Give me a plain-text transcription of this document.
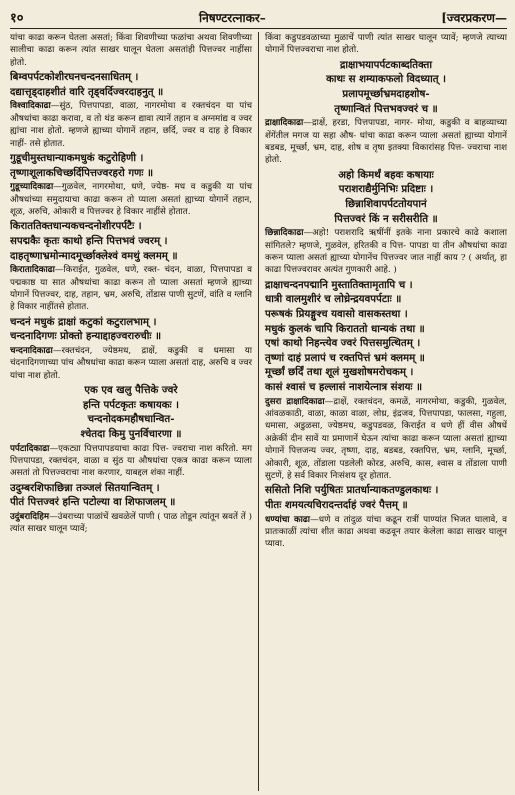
१०	निषण्टरत्नाकर–	[ज्वरप्रकरण—
यांचा काढा करून घेतला असतां; किंवा शिवणीच्या फळांचा अथवा शिवणीच्या सालीचा काढा करून त्यांत साखर घालून घेतला असतांही पित्तज्वर नाहींसा होतो.
बिम्वपर्पटकोशीरघनचन्दनसाधितम् ।
दद्यात्तृड्दाहशीतं वारि तृड्वर्दिज्वरदाहनुत् ॥
विश्वादिकाढा—सुंठ, पित्तपापडा, वाळा, नागरमोथा व रक्तचंदन या पांच औषधांचा काढा करावा, व तो थंड करून द्यावा त्यानें तहान व अग्नमांद्य व ज्वर ह्यांचा नाश होतो. म्हणजे ह्याच्या योगानें तहान, छर्दि, ज्वर व दाह हे विकार नाहीं- तसे होतात.
गुडूचीमुस्तधान्याकमधुकं कटुरोहिणी ।
तृष्णाशूलाकचिच्छर्दिपित्तज्वरहरो गणः ॥
गुडूच्यादिकाढा—गुळवेल, नागरमोथा, धणे, ज्येष्ठ- मध व कडुकी या पांच औषधांच्या समुदायाचा काढा करून तो प्याला असतां ह्याच्या योगानें तहान, शूळ, अरुचि, ओकारी व पित्तज्वर हे विकार नाहींसे होतात.
किराततिक्तधान्यकचन्दनोशीरपर्पटैः ।
सपद्मकैः कृतः काथो हन्ति पित्तभवं ज्वरम् ।
दाहतृष्णाभ्रमोन्मादमूर्च्छाक्लेश्वं वमथुं क्लमम् ॥
किरातादिकाढा—किराईत, गुळवेल, धणे, रक्त- चंदन, वाळा, पित्तपापडा व पद्मकाष्ठ या सात औषधांचा काढा करून तो प्याला असतां म्हणजे ह्याच्या योगानें पित्तज्वर, दाह, तहान, भ्रम, अरुचि, तोंडास पाणी सुटणें, वांति व ग्लानि हे विकार नाहींतसे होतात.
चन्दनं मधुकं द्राक्षां कटुकां कटुरालभाम् ।
चन्दनादिगणः प्रोक्तो हन्याद्दाहज्वरारुचीः ॥
चन्दनादिकाढा—रक्तचंदन, ज्येष्ठमध, द्राक्षें, कडुकी व धमासा या चंदनादिगणाच्या पांच औषधांचा काढा करून प्याला असतां दाह, अरुचि व ज्वर यांचा नाश होतो.
एक एव खलु पैत्तिके ज्वरे
हन्ति पर्पटकृतः कषायकः ।
चन्दनोदकमहौषधान्वित-
श्चेतदा किमु पुनर्विचारणा ॥
पर्पटादिकाढा—एकट्या पित्तपापडयाचा काढा पित्त- ज्वराचा नाश करितो. मग पित्तपापडा, रक्तचंदन, वाळा व सुंठ या औषधांचा एकत्र काढा करून प्याला असतां तो पित्तज्वराचा नाश करणार, याबद्दल शंका नाहीं.
उदुम्बरशिफाछिन्ना तञ्जलं सितयान्वितम् ।
पीतं पित्तज्वरं हन्ति पटोल्या वा शिफाजलम् ॥
उदुंबरादिहिम—उंबराच्या पाळांचें खवळेलें पाणी ( पाळ तोडून त्यांतून स्रवतें तें ) त्यांत साखर घालून प्यावें;
किंवा कडुपडवळाच्या मुळाचें पाणी त्यांत साखर घालून प्यावें; म्हणजे त्याच्या योगानें पित्तज्वराचा नाश होतो.
द्राक्षाभयापर्पटकाब्दतिक्ता
काथः स शम्याकफलो विदध्यात् ।
प्रलापमूर्च्छाभ्रमदाहशोष-
तृष्णान्वितं पित्तभवज्वरं च ॥
द्राक्षादिकाढा—द्राक्षें, हरडा, पित्तपापडा, नागर- मोथा, कडुकी व बाहव्याच्या शेंगेंतील मगज या सहा औष- धांचा काढा करून प्याला असतां ह्याच्या योगानें बडबड, मूर्च्छा, भ्रम, दाह, शोष व तृषा इतक्या विकारांसह पित्त- ज्वराचा नाश होतो.
अहो किमर्थं बहवः कषायाः
पराशराद्यैर्मुनिभिः प्रदिष्टाः ।
छिन्नाशिवापर्पटतोयपानं
पित्तज्वरं किं न सरीसरीति ॥
छिन्नादिकाढा—अहो! पराशरादि ऋषींनीं इतके नाना प्रकारचे काढे कशाला सांगितले? म्हणजे, गुळवेल, हरितकी व पित्त- पापडा या तीन औषधांचा काढा करून प्याला असतां ह्याच्या योगानेंच पित्तज्वर जात नाहीं काय ? ( अर्थात्, हा काढा पित्तज्वरावर अत्यंत गुणकारी आहे. )
द्राक्षाचन्दनपद्मानि मुस्तातिक्तामृतापि च ।
धात्री वालमुशीरं च लोध्रेन्द्रयवपर्पटाः ॥
परूषकं प्रियङ्गुश्च यवासो वासकस्तथा ।
मधुकं कुलकं चापि किराततो धान्यकं तथा ॥
एषां काथो निहन्त्येव ज्वरं पित्तसमुत्थितम् ।
तृष्णां दाहं प्रलापं च रक्तपित्तं भ्रमं क्लमम् ॥
मूर्च्छां छर्दिं तथा शूलं मुखशोषमरोचकम् ।
कासं श्वासं च हल्लासं नाशयेत्नात्र संशयः ॥
दुसरा द्राक्षादिकाढा—द्राक्षें, रक्तचंदन, कमळें, नागरमोथा, कडुकी, गुळवेल, आंवळकाठी, वाळा, काळा वाळा, लोध्र, इंद्रजव, पित्तपापडा, फालसा, गहुला, धमासा, अडुळसा, ज्येष्ठमध, कडुपडवळ, किराईत व धणे हीं वीस औषधें अक्रेकीं दीन सावें या प्रमाणानें घेऊन त्यांचा काढा करून प्याला असतां ह्याच्या योगानें पित्तजन्य ज्वर, तृष्णा, दाह, बडबड, रक्तपित्त, भ्रम, ग्लानि, मूर्च्छा, ओकारी, शूळ, तोंडाला पडलेली कोरड, अरुचि, कास, श्वास व तोंडाला पाणी सुटणें, हे सर्व विकार निःसंशय दूर होतात.
ससितो निशि पर्युषितः प्रातर्धान्याकतण्डुलकाथः ।
पीतः शमयत्यचिरादन्तर्दाहं ज्वरं पैत्तम् ॥
धण्यांचा काढा—धणे व तांदुळ यांचा कढून रात्रीं पाण्यांत भिजत घालावे, व प्रातःकाळीं त्यांचा शीत काढा अथवा कढवून तयार केलेला काढा साखर घालून प्यावा.
